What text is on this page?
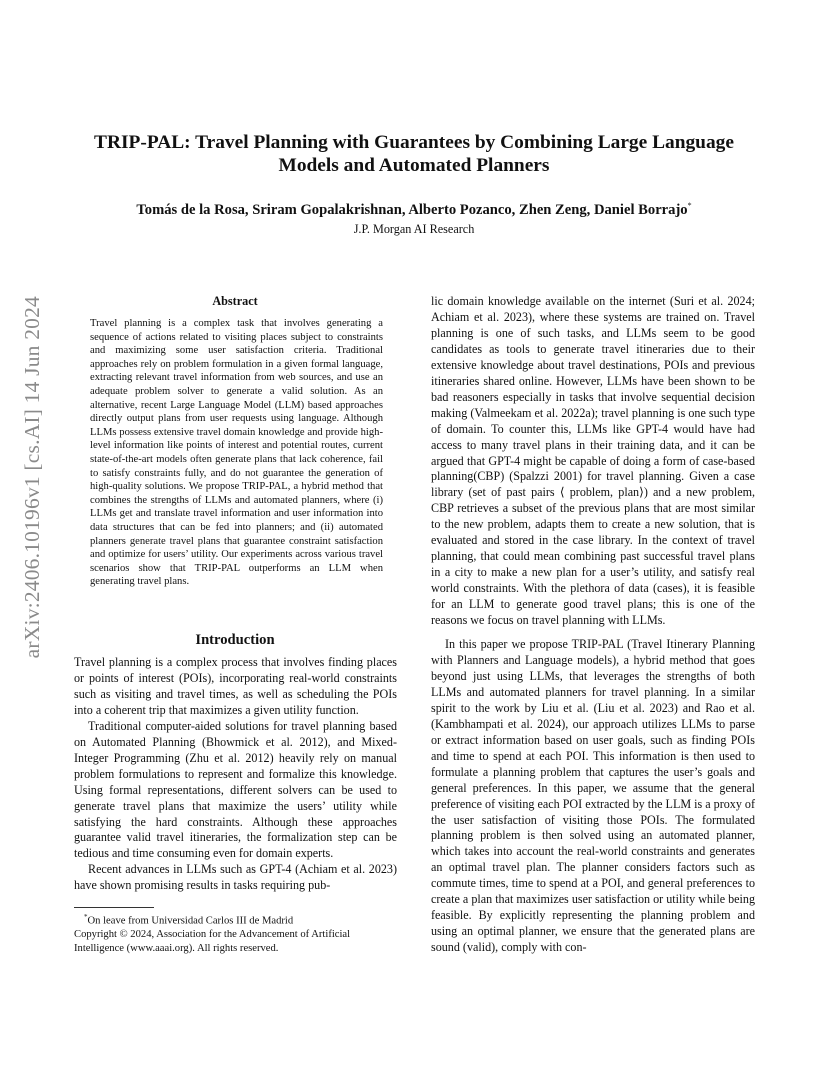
arXiv:2406.10196v1 [cs.AI] 14 Jun 2024
TRIP-PAL: Travel Planning with Guarantees by Combining Large Language Models and Automated Planners
Tomás de la Rosa, Sriram Gopalakrishnan, Alberto Pozanco, Zhen Zeng, Daniel Borrajo*
J.P. Morgan AI Research
Abstract

Travel planning is a complex task that involves generating a sequence of actions related to visiting places subject to constraints and maximizing some user satisfaction criteria. Traditional approaches rely on problem formulation in a given formal language, extracting relevant travel information from web sources, and use an adequate problem solver to generate a valid solution. As an alternative, recent Large Language Model (LLM) based approaches directly output plans from user requests using language. Although LLMs possess extensive travel domain knowledge and provide high-level information like points of interest and potential routes, current state-of-the-art models often generate plans that lack coherence, fail to satisfy constraints fully, and do not guarantee the generation of high-quality solutions. We propose TRIP-PAL, a hybrid method that combines the strengths of LLMs and automated planners, where (i) LLMs get and translate travel information and user information into data structures that can be fed into planners; and (ii) automated planners generate travel plans that guarantee constraint satisfaction and optimize for users’ utility. Our experiments across various travel scenarios show that TRIP-PAL outperforms an LLM when generating travel plans.

Introduction

Travel planning is a complex process that involves finding places or points of interest (POIs), incorporating real-world constraints such as visiting and travel times, as well as scheduling the POIs into a coherent trip that maximizes a given utility function.

Traditional computer-aided solutions for travel planning based on Automated Planning (Bhowmick et al. 2012), and Mixed-Integer Programming (Zhu et al. 2012) heavily rely on manual problem formulations to represent and formalize this knowledge. Using formal representations, different solvers can be used to generate travel plans that maximize the users’ utility while satisfying the hard constraints. Although these approaches guarantee valid travel itineraries, the formalization step can be tedious and time consuming even for domain experts.

Recent advances in LLMs such as GPT-4 (Achiam et al. 2023) have shown promising results in tasks requiring pub-

lic domain knowledge available on the internet (Suri et al. 2024; Achiam et al. 2023), where these systems are trained on. Travel planning is one of such tasks, and LLMs seem to be good candidates as tools to generate travel itineraries due to their extensive knowledge about travel destinations, POIs and previous itineraries shared online. However, LLMs have been shown to be bad reasoners especially in tasks that involve sequential decision making (Valmeekam et al. 2022a); travel planning is one such type of domain. To counter this, LLMs like GPT-4 would have had access to many travel plans in their training data, and it can be argued that GPT-4 might be capable of doing a form of case-based planning(CBP) (Spalzzi 2001) for travel planning. Given a case library (set of past pairs ⟨ problem, plan⟩) and a new problem, CBP retrieves a subset of the previous plans that are most similar to the new problem, adapts them to create a new solution, that is evaluated and stored in the case library. In the context of travel planning, that could mean combining past successful travel plans in a city to make a new plan for a user’s utility, and satisfy real world constraints. With the plethora of data (cases), it is feasible for an LLM to generate good travel plans; this is one of the reasons we focus on travel planning with LLMs.

In this paper we propose TRIP-PAL (Travel Itinerary Planning with Planners and Language models), a hybrid method that goes beyond just using LLMs, that leverages the strengths of both LLMs and automated planners for travel planning. In a similar spirit to the work by Liu et al. (Liu et al. 2023) and Rao et al. (Kambhampati et al. 2024), our approach utilizes LLMs to parse or extract information based on user goals, such as finding POIs and time to spend at each POI. This information is then used to formulate a planning problem that captures the user’s goals and general preferences. In this paper, we assume that the general preference of visiting each POI extracted by the LLM is a proxy of the user satisfaction of visiting those POIs. The formulated planning problem is then solved using an automated planner, which takes into account the real-world constraints and generates an optimal travel plan. The planner considers factors such as commute times, time to spend at a POI, and general preferences to create a plan that maximizes user satisfaction or utility while being feasible. By explicitly representing the planning problem and using an optimal planner, we ensure that the generated plans are sound (valid), comply with con-

*On leave from Universidad Carlos III de Madrid

Copyright © 2024, Association for the Advancement of Artificial Intelligence (www.aaai.org). All rights reserved.
